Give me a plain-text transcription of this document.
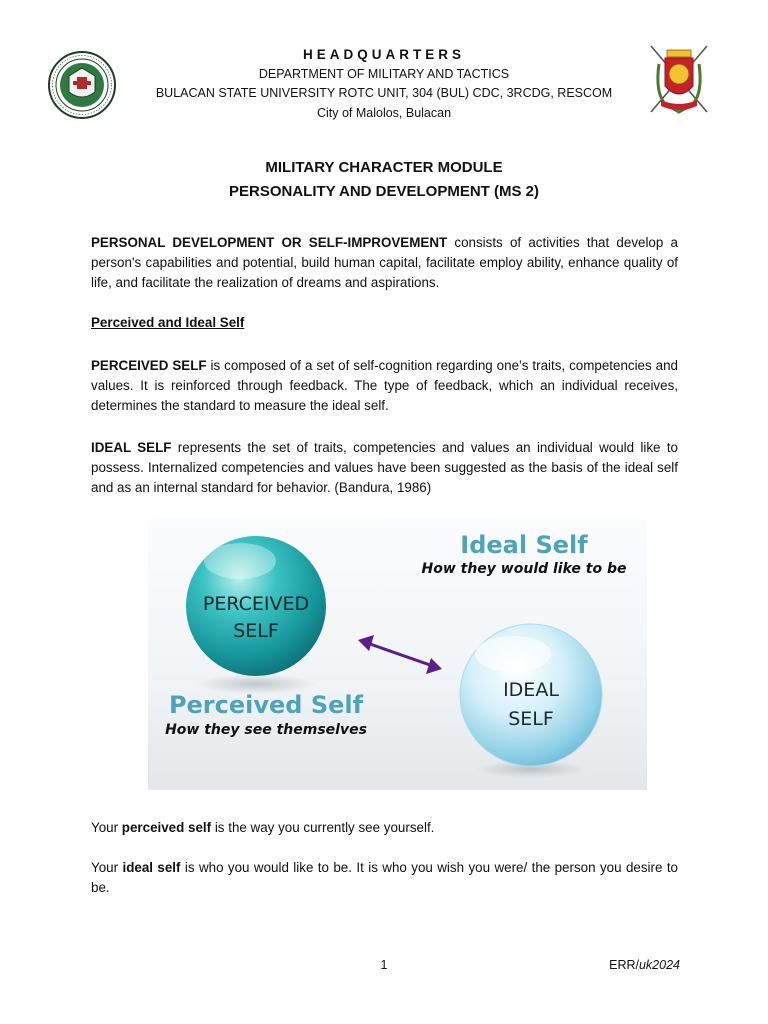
HEADQUARTERS
DEPARTMENT OF MILITARY AND TACTICS
BULACAN STATE UNIVERSITY ROTC UNIT, 304 (BUL) CDC, 3RCDG, RESCOM
City of Malolos, Bulacan
MILITARY CHARACTER MODULE
PERSONALITY AND DEVELOPMENT (MS 2)
PERSONAL DEVELOPMENT OR SELF-IMPROVEMENT consists of activities that develop a person's capabilities and potential, build human capital, facilitate employ ability, enhance quality of life, and facilitate the realization of dreams and aspirations.
Perceived and Ideal Self
PERCEIVED SELF is composed of a set of self-cognition regarding one’s traits, competencies and values. It is reinforced through feedback. The type of feedback, which an individual receives, determines the standard to measure the ideal self.
IDEAL SELF represents the set of traits, competencies and values an individual would like to possess. Internalized competencies and values have been suggested as the basis of the ideal self and as an internal standard for behavior. (Bandura, 1986)
PERCEIVED
SELF
IDEAL
SELF
Ideal Self
How they would like to be
Perceived Self
How they see themselves
Your perceived self is the way you currently see yourself.
Your ideal self is who you would like to be. It is who you wish you were/ the person you desire to be.
1	ERR/uk2024
